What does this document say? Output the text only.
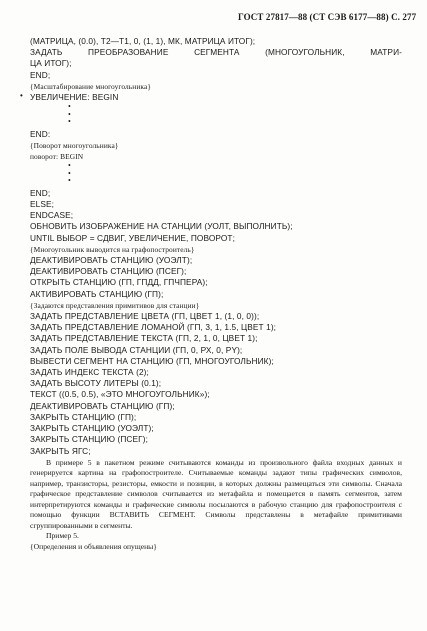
ГОСТ 27817—88 (СТ СЭВ 6177—88) С. 277
•
(МАТРИЦА, (0.0), Т2—Т1, 0, (1, 1), МК, МАТРИЦА ИТОГ);
ЗАДАТЬ ПРЕОБРАЗОВАНИЕ СЕГМЕНТА (МНОГОУГОЛЬНИК, МАТРИ-
ЦА ИТОГ);
END;
{Масштабирование многоугольника}
УВЕЛИЧЕНИЕ: BEGIN
•
•
•
END:
{Поворот многоугольника}
поворот: BEGIN
•
•
•
END;
ELSE;
ENDCASE;
ОБНОВИТЬ ИЗОБРАЖЕНИЕ НА СТАНЦИИ (УОЛТ, ВЫПОЛНИТЬ);
UNTIL ВЫБОР = СДВИГ, УВЕЛИЧЕНИЕ, ПОВОРОТ;
{Многоугольник выводится на графопостроитель}
ДЕАКТИВИРОВАТЬ СТАНЦИЮ (УОЭЛТ);
ДЕАКТИВИРОВАТЬ СТАНЦИЮ (ПСЕГ);
ОТКРЫТЬ СТАНЦИЮ (ГП, ГПДД, ГПЧПЕРА);
АКТИВИРОВАТЬ СТАНЦИЮ (ГП);
{Задаются представления примитивов для станции}
ЗАДАТЬ ПРЕДСТАВЛЕНИЕ ЦВЕТА (ГП, ЦВЕТ 1, (1, 0, 0));
ЗАДАТЬ ПРЕДСТАВЛЕНИЕ ЛОМАНОЙ (ГП, 3, 1, 1.5, ЦВЕТ 1);
ЗАДАТЬ ПРЕДСТАВЛЕНИЕ ТЕКСТА (ГП, 2, 1, 0, ЦВЕТ 1);
ЗАДАТЬ ПОЛЕ ВЫВОДА СТАНЦИИ (ГП, 0, РХ, 0, PY);
ВЫВЕСТИ СЕГМЕНТ НА СТАНЦИЮ (ГП, МНОГОУГОЛЬНИК);
ЗАДАТЬ ИНДЕКС ТЕКСТА (2);
ЗАДАТЬ ВЫСОТУ ЛИТЕРЫ (0.1);
ТЕКСТ ((0.5, 0.5), «ЭТО МНОГОУГОЛЬНИК»);
ДЕАКТИВИРОВАТЬ СТАНЦИЮ (ГП);
ЗАКРЫТЬ СТАНЦИЮ (ГП);
ЗАКРЫТЬ СТАНЦИЮ (УОЭЛТ);
ЗАКРЫТЬ СТАНЦИЮ (ПСЕГ);
ЗАКРЫТЬ ЯГС;

В примере 5 в пакетном режиме считываются команды из произвольного файла входных данных и генерируется картина на графопостроителе. Считываемые команды задают типы графических символов, например, транзисторы, резисторы, емкости и позиции, в которых должны размещаться эти символы. Сначала графическое представление символов считывается из метафайла и помещается в память сегментов, затем интерпретируются команды и графические символы посылаются в рабочую станцию для графопостроителя с помощью функции ВСТАВИТЬ СЕГМЕНТ. Символы представлены в метафайле примитивами сгруппированными в сегменты.

Пример 5.

{Определения и объявления опущены}
